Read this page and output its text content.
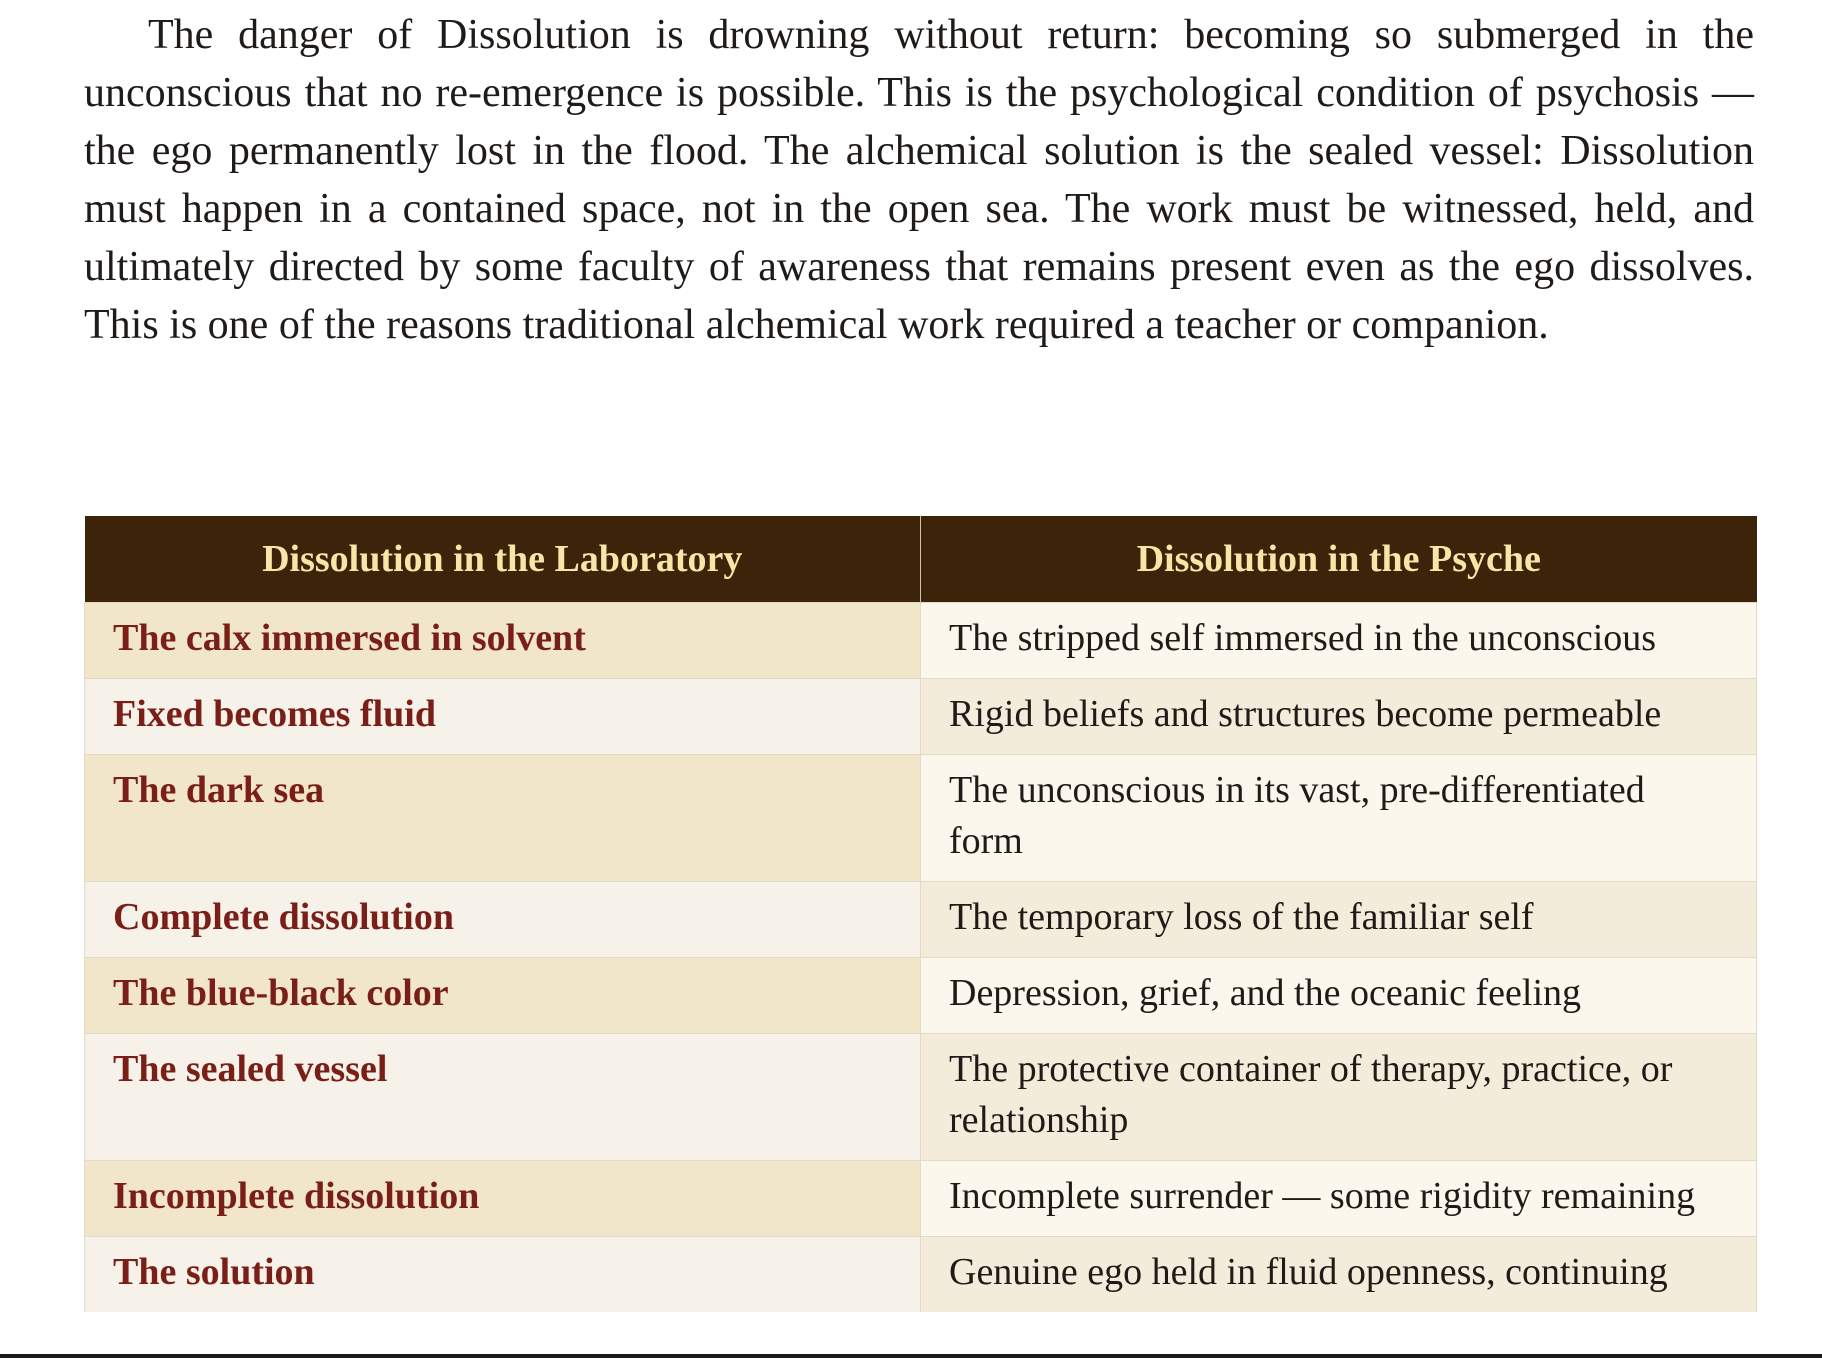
The danger of Dissolution is drowning without return: becoming so submerged in the unconscious that no re-emergence is possible. This is the psychological condition of psychosis — the ego permanently lost in the flood. The alchemical solution is the sealed vessel: Dissolution must happen in a contained space, not in the open sea. The work must be witnessed, held, and ultimately directed by some faculty of awareness that remains present even as the ego dissolves. This is one of the reasons traditional alchemical work required a teacher or companion.

Dissolution in the Laboratory	Dissolution in the Psyche
The calx immersed in solvent	The stripped self immersed in the unconscious
Fixed becomes fluid	Rigid beliefs and structures become permeable
The dark sea	The unconscious in its vast, pre-differentiated form
Complete dissolution	The temporary loss of the familiar self
The blue-black color	Depression, grief, and the oceanic feeling
The sealed vessel	The protective container of therapy, practice, or relationship
Incomplete dissolution	Incomplete surrender — some rigidity remaining
The solution	Genuine ego held in fluid openness, continuing
